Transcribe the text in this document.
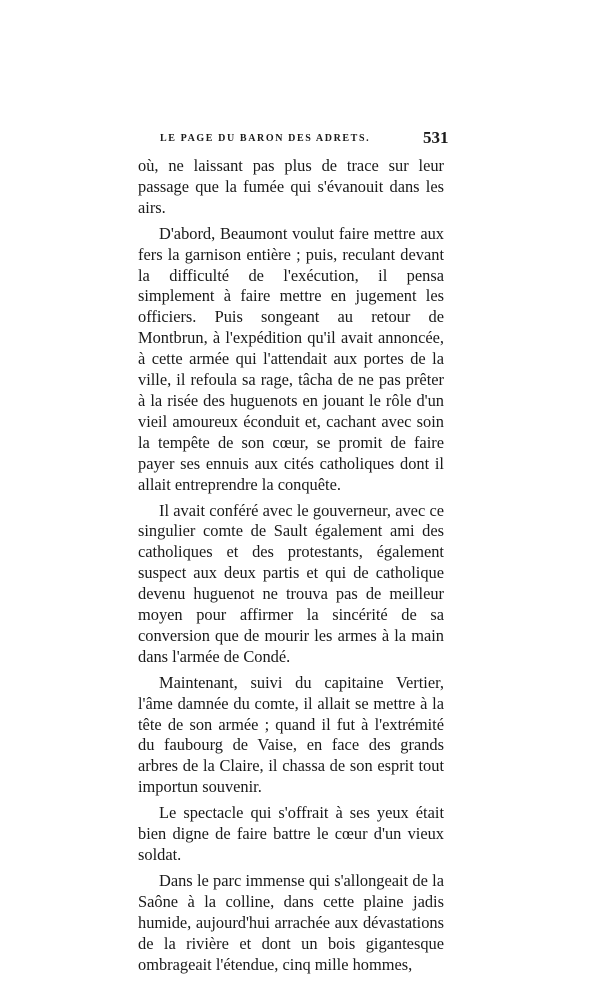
LE PAGE DU BARON DES ADRETS.	531

où, ne laissant pas plus de trace sur leur passage que la fumée qui s'évanouit dans les airs.

D'abord, Beaumont voulut faire mettre aux fers la garnison entière ; puis, reculant devant la difficulté de l'exécution, il pensa simplement à faire mettre en jugement les officiers. Puis songeant au retour de Montbrun, à l'expédition qu'il avait annoncée, à cette armée qui l'attendait aux portes de la ville, il refoula sa rage, tâcha de ne pas prêter à la risée des huguenots en jouant le rôle d'un vieil amoureux éconduit et, cachant avec soin la tempête de son cœur, se promit de faire payer ses ennuis aux cités catholiques dont il allait entreprendre la conquête.

Il avait conféré avec le gouverneur, avec ce singulier comte de Sault également ami des catholiques et des protestants, également suspect aux deux partis et qui de catholique devenu huguenot ne trouva pas de meilleur moyen pour affirmer la sincérité de sa conversion que de mourir les armes à la main dans l'armée de Condé.

Maintenant, suivi du capitaine Vertier, l'âme damnée du comte, il allait se mettre à la tête de son armée ; quand il fut à l'extrémité du faubourg de Vaise, en face des grands arbres de la Claire, il chassa de son esprit tout importun souvenir.

Le spectacle qui s'offrait à ses yeux était bien digne de faire battre le cœur d'un vieux soldat.

Dans le parc immense qui s'allongeait de la Saône à la colline, dans cette plaine jadis humide, aujourd'hui arrachée aux dévastations de la rivière et dont un bois gigantesque ombrageait l'étendue, cinq mille hommes,
